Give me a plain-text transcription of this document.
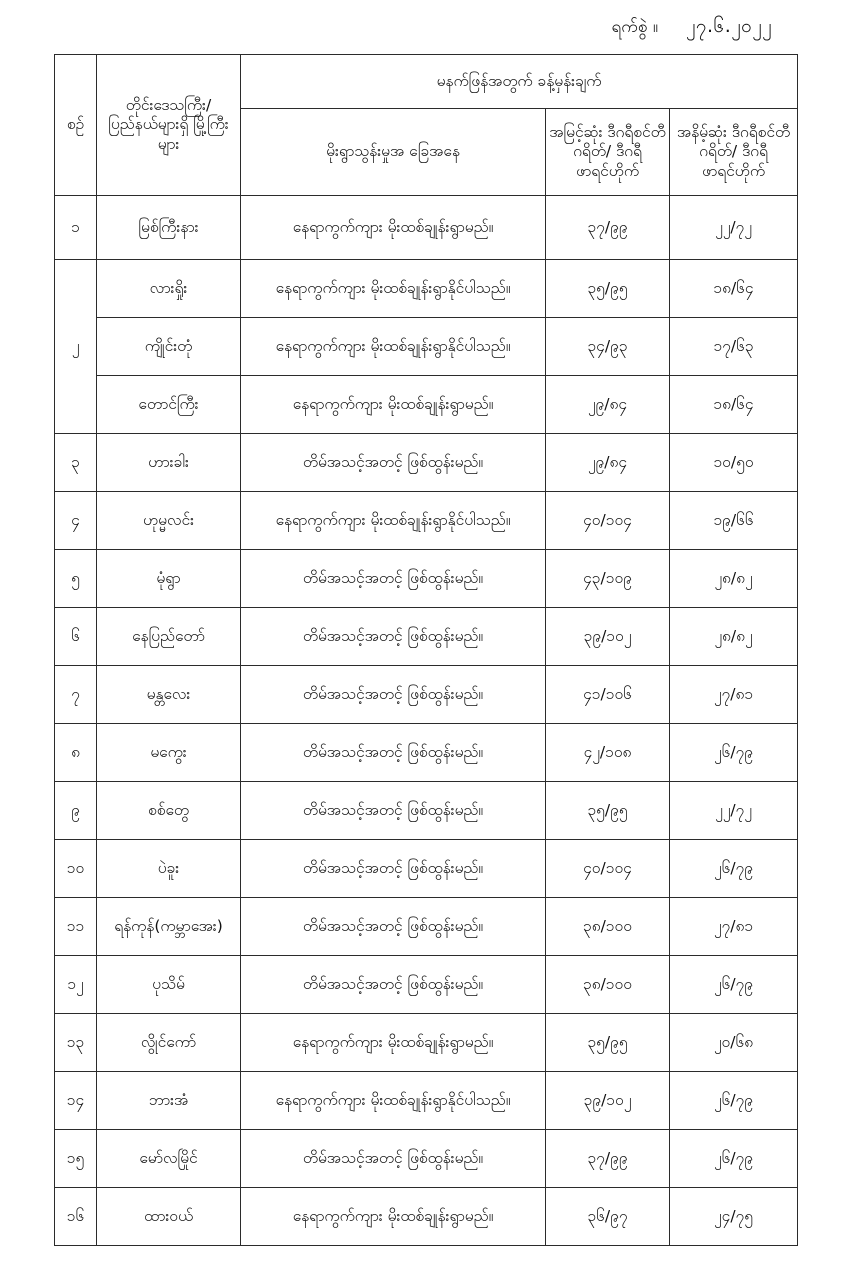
ရက်စွဲ ။ ၂၇.၆.၂၀၂၂
စဉ်	တိုင်းဒေသကြီး/ ပြည်နယ်များရှိ မြို့ကြီးများ	မနက်ဖြန်အတွက် ခန့်မှန်းချက်		
		မိုးရွာသွန်းမှုအ ခြေအနေ	အမြင့်ဆုံး ဒီဂရီစင်တီဂရိတ်/ ဒီဂရီဖာရင်ဟိုက်	အနိမ့်ဆုံး ဒီဂရီစင်တီဂရိတ်/ ဒီဂရီဖာရင်ဟိုက်
၁	မြစ်ကြီးနား	နေရာကွက်ကျား မိုးထစ်ချုန်းရွာမည်။	၃၇/၉၉	၂၂/၇၂
၂	လားရှိုး	နေရာကွက်ကျား မိုးထစ်ချုန်းရွာနိုင်ပါသည်။	၃၅/၉၅	၁၈/၆၄
	ကျိုင်းတုံ	နေရာကွက်ကျား မိုးထစ်ချုန်းရွာနိုင်ပါသည်။	၃၄/၉၃	၁၇/၆၃
	တောင်ကြီး	နေရာကွက်ကျား မိုးထစ်ချုန်းရွာမည်။	၂၉/၈၄	၁၈/၆၄
၃	ဟားခါး	တိမ်အသင့်အတင့် ဖြစ်ထွန်းမည်။	၂၉/၈၄	၁၀/၅၀
၄	ဟုမ္မလင်း	နေရာကွက်ကျား မိုးထစ်ချုန်းရွာနိုင်ပါသည်။	၄၀/၁၀၄	၁၉/၆၆
၅	မုံရွာ	တိမ်အသင့်အတင့် ဖြစ်ထွန်းမည်။	၄၃/၁၀၉	၂၈/၈၂
၆	နေပြည်တော်	တိမ်အသင့်အတင့် ဖြစ်ထွန်းမည်။	၃၉/၁၀၂	၂၈/၈၂
၇	မန္တလေး	တိမ်အသင့်အတင့် ဖြစ်ထွန်းမည်။	၄၁/၁၀၆	၂၇/၈၁
၈	မကွေး	တိမ်အသင့်အတင့် ဖြစ်ထွန်းမည်။	၄၂/၁၀၈	၂၆/၇၉
၉	စစ်တွေ	တိမ်အသင့်အတင့် ဖြစ်ထွန်းမည်။	၃၅/၉၅	၂၂/၇၂
၁၀	ပဲခူး	တိမ်အသင့်အတင့် ဖြစ်ထွန်းမည်။	၄၀/၁၀၄	၂၆/၇၉
၁၁	ရန်ကုန်(ကမ္ဘာအေး)	တိမ်အသင့်အတင့် ဖြစ်ထွန်းမည်။	၃၈/၁၀၀	၂၇/၈၁
၁၂	ပုသိမ်	တိမ်အသင့်အတင့် ဖြစ်ထွန်းမည်။	၃၈/၁၀၀	၂၆/၇၉
၁၃	လွိုင်ကော်	နေရာကွက်ကျား မိုးထစ်ချုန်းရွာမည်။	၃၅/၉၅	၂၀/၆၈
၁၄	ဘားအံ	နေရာကွက်ကျား မိုးထစ်ချုန်းရွာနိုင်ပါသည်။	၃၉/၁၀၂	၂၆/၇၉
၁၅	မော်လမြိုင်	တိမ်အသင့်အတင့် ဖြစ်ထွန်းမည်။	၃၇/၉၉	၂၆/၇၉
၁၆	ထားဝယ်	နေရာကွက်ကျား မိုးထစ်ချုန်းရွာမည်။	၃၆/၉၇	၂၄/၇၅
